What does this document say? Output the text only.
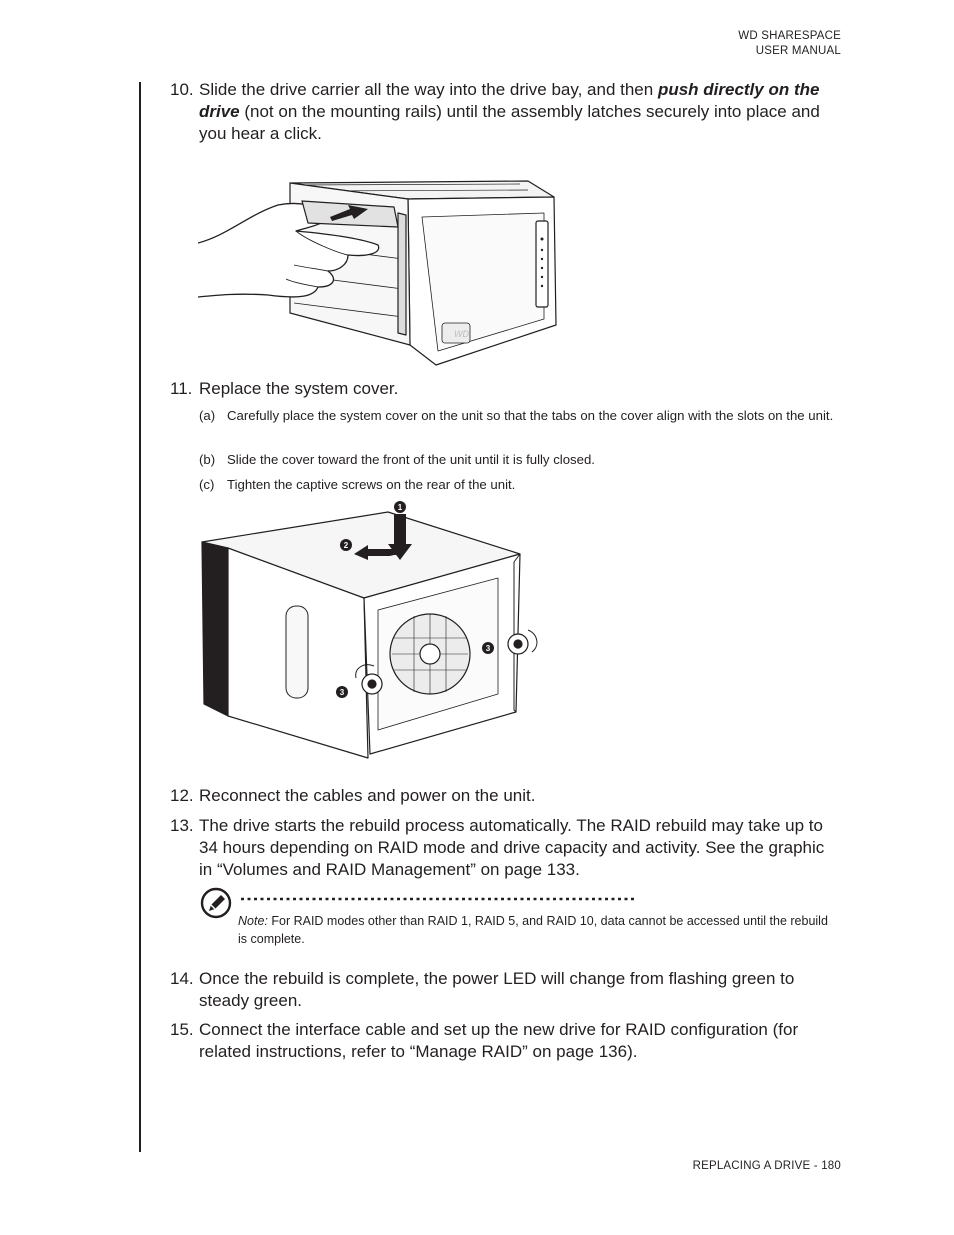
WD SHARESPACE
USER MANUAL
10. Slide the drive carrier all the way into the drive bay, and then push directly on the drive (not on the mounting rails) until the assembly latches securely into place and you hear a click.
WD
11. Replace the system cover.
(a) Carefully place the system cover on the unit so that the tabs on the cover align with the slots on the unit.
(b) Slide the cover toward the front of the unit until it is fully closed.
(c) Tighten the captive screws on the rear of the unit.
1
2
3
3
12. Reconnect the cables and power on the unit.
13. The drive starts the rebuild process automatically. The RAID rebuild may take up to 34 hours depending on RAID mode and drive capacity and activity. See the graphic in “Volumes and RAID Management” on page 133.
Note: For RAID modes other than RAID 1, RAID 5, and RAID 10, data cannot be accessed until the rebuild is complete.
14. Once the rebuild is complete, the power LED will change from flashing green to steady green.
15. Connect the interface cable and set up the new drive for RAID configuration (for related instructions, refer to “Manage RAID” on page 136).
REPLACING A DRIVE - 180
